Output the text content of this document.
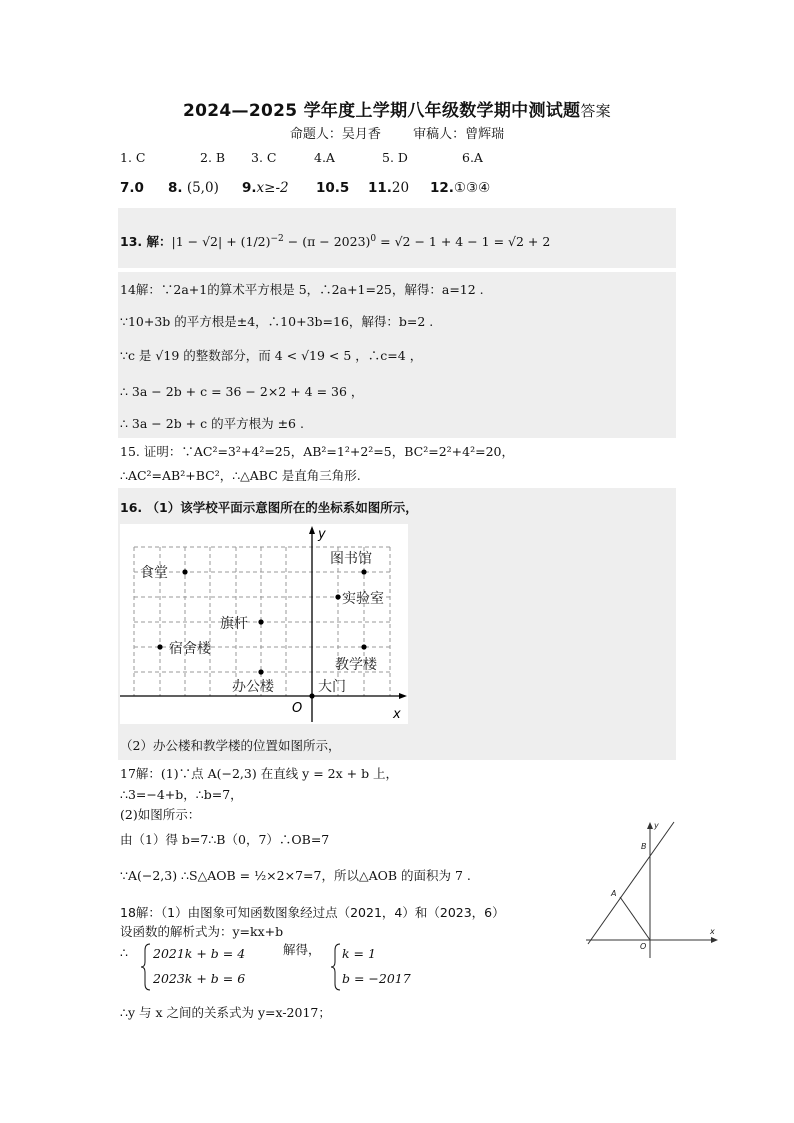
2024—2025 学年度上学期八年级数学期中测试题答案
命题人：吴月香 审稿人：曾辉瑞
1. C	2. B 3. C	4.A	5. D	6.A
7.0 8. (5,0) 9.x≥-2 10.5 11.20 12.①③④
13. 解：$|1 - √2| + (1/2)^{-2} - (\pi - 2023)^0 = √2 - 1 + 4 - 1 = √2 + 2$
14解：∵2a+1的算术平方根是 5，∴2a+1=25，解得：a=12 .
∵10+3b 的平方根是±4，∴10+3b=16，解得：b=2 .
∵c 是 √19 的整数部分，而 4 < √19 < 5 ，∴c=4 ，
∴ 3a − 2b + c = 36 − 2×2 + 4 = 36 ，
∴ 3a − 2b + c 的平方根为 ±6 .
15. 证明：∵AC²=3²+4²=25，AB²=1²+2²=5，BC²=2²+4²=20，
∴AC²=AB²+BC²，∴△ABC 是直角三角形.
16. （1）该学校平面示意图所在的坐标系如图所示，
y
x
O
食堂
图书馆
实验室
旗杆
宿舍楼
教学楼
办公楼	大门
（2）办公楼和教学楼的位置如图所示，
17解：(1)∵点 A(−2,3) 在直线 y = 2x + b 上，
∴3=−4+b，∴b=7，
(2)如图所示：
由（1）得 b=7∴B（0，7）∴OB=7
∵A(−2,3) ∴S△AOB = ½×2×7=7，所以△AOB 的面积为 7 .
y
x
O
A
B
18解：（1）由图象可知函数图象经过点（2021，4）和（2023，6）
设函数的解析式为：y=kx+b
∴ 2021k + b = 4
2023k + b = 6
解得， k = 1
b = −2017
∴y 与 x 之间的关系式为 y=x-2017；
